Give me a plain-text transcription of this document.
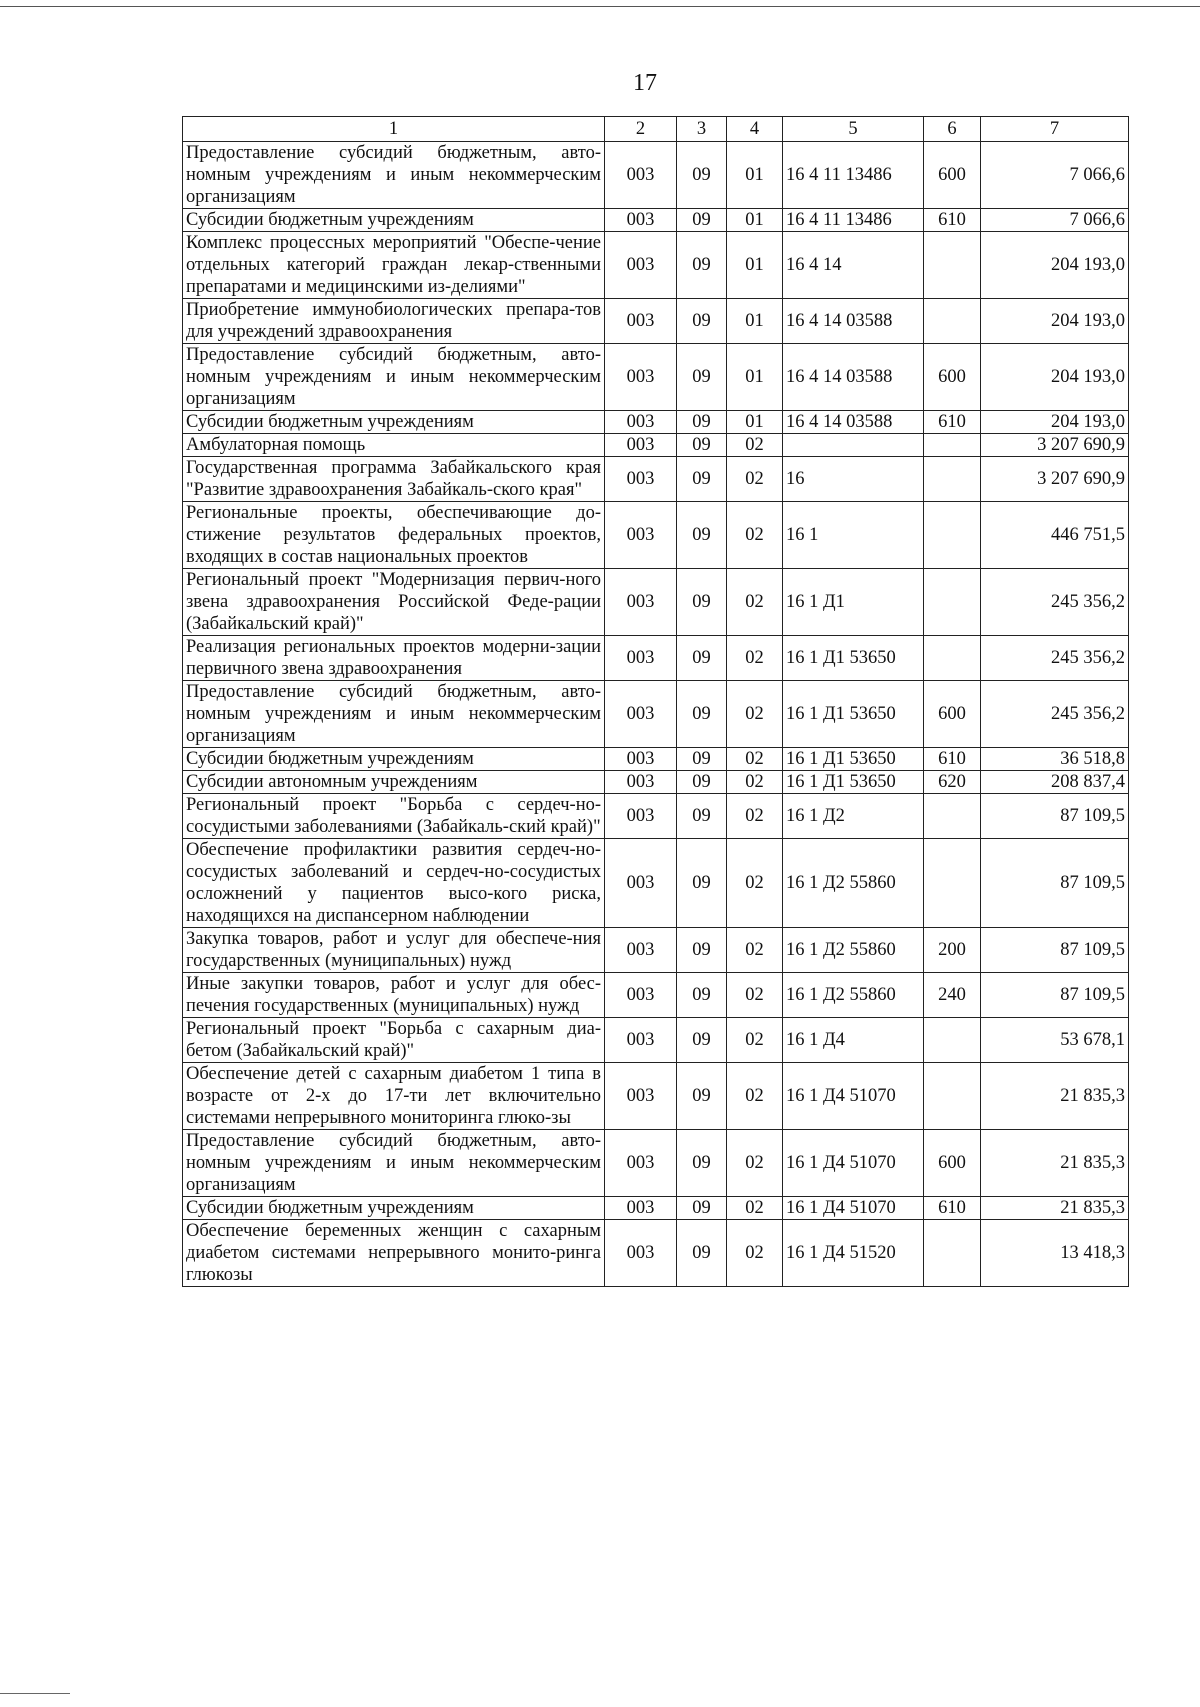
17
1	2	3	4	5	6	7
Предоставление субсидий бюджетным, авто-номным учреждениям и иным некоммерческим организациям	003	09	01	16 4 11 13486	600	7 066,6
Субсидии бюджетным учреждениям	003	09	01	16 4 11 13486	610	7 066,6
Комплекс процессных мероприятий "Обеспе-чение отдельных категорий граждан лекар-ственными препаратами и медицинскими из-делиями"	003	09	01	16 4 14		204 193,0
Приобретение иммунобиологических препара-тов для учреждений здравоохранения	003	09	01	16 4 14 03588		204 193,0
Предоставление субсидий бюджетным, авто-номным учреждениям и иным некоммерческим организациям	003	09	01	16 4 14 03588	600	204 193,0
Субсидии бюджетным учреждениям	003	09	01	16 4 14 03588	610	204 193,0
Амбулаторная помощь	003	09	02			3 207 690,9
Государственная программа Забайкальского края "Развитие здравоохранения Забайкаль-ского края"	003	09	02	16		3 207 690,9
Региональные проекты, обеспечивающие до-стижение результатов федеральных проектов, входящих в состав национальных проектов	003	09	02	16 1		446 751,5
Региональный проект "Модернизация первич-ного звена здравоохранения Российской Феде-рации (Забайкальский край)"	003	09	02	16 1 Д1		245 356,2
Реализация региональных проектов модерни-зации первичного звена здравоохранения	003	09	02	16 1 Д1 53650		245 356,2
Предоставление субсидий бюджетным, авто-номным учреждениям и иным некоммерческим организациям	003	09	02	16 1 Д1 53650	600	245 356,2
Субсидии бюджетным учреждениям	003	09	02	16 1 Д1 53650	610	36 518,8
Субсидии автономным учреждениям	003	09	02	16 1 Д1 53650	620	208 837,4
Региональный проект "Борьба с сердеч-но-сосудистыми заболеваниями (Забайкаль-ский край)"	003	09	02	16 1 Д2		87 109,5
Обеспечение профилактики развития сердеч-но-сосудистых заболеваний и сердеч-но-сосудистых осложнений у пациентов высо-кого риска, находящихся на диспансерном наблюдении	003	09	02	16 1 Д2 55860		87 109,5
Закупка товаров, работ и услуг для обеспече-ния государственных (муниципальных) нужд	003	09	02	16 1 Д2 55860	200	87 109,5
Иные закупки товаров, работ и услуг для обес-печения государственных (муниципальных) нужд	003	09	02	16 1 Д2 55860	240	87 109,5
Региональный проект "Борьба с сахарным диа-бетом (Забайкальский край)"	003	09	02	16 1 Д4		53 678,1
Обеспечение детей с сахарным диабетом 1 типа в возрасте от 2-х до 17-ти лет включительно системами непрерывного мониторинга глюко-зы	003	09	02	16 1 Д4 51070		21 835,3
Предоставление субсидий бюджетным, авто-номным учреждениям и иным некоммерческим организациям	003	09	02	16 1 Д4 51070	600	21 835,3
Субсидии бюджетным учреждениям	003	09	02	16 1 Д4 51070	610	21 835,3
Обеспечение беременных женщин с сахарным диабетом системами непрерывного монито-ринга глюкозы	003	09	02	16 1 Д4 51520		13 418,3
